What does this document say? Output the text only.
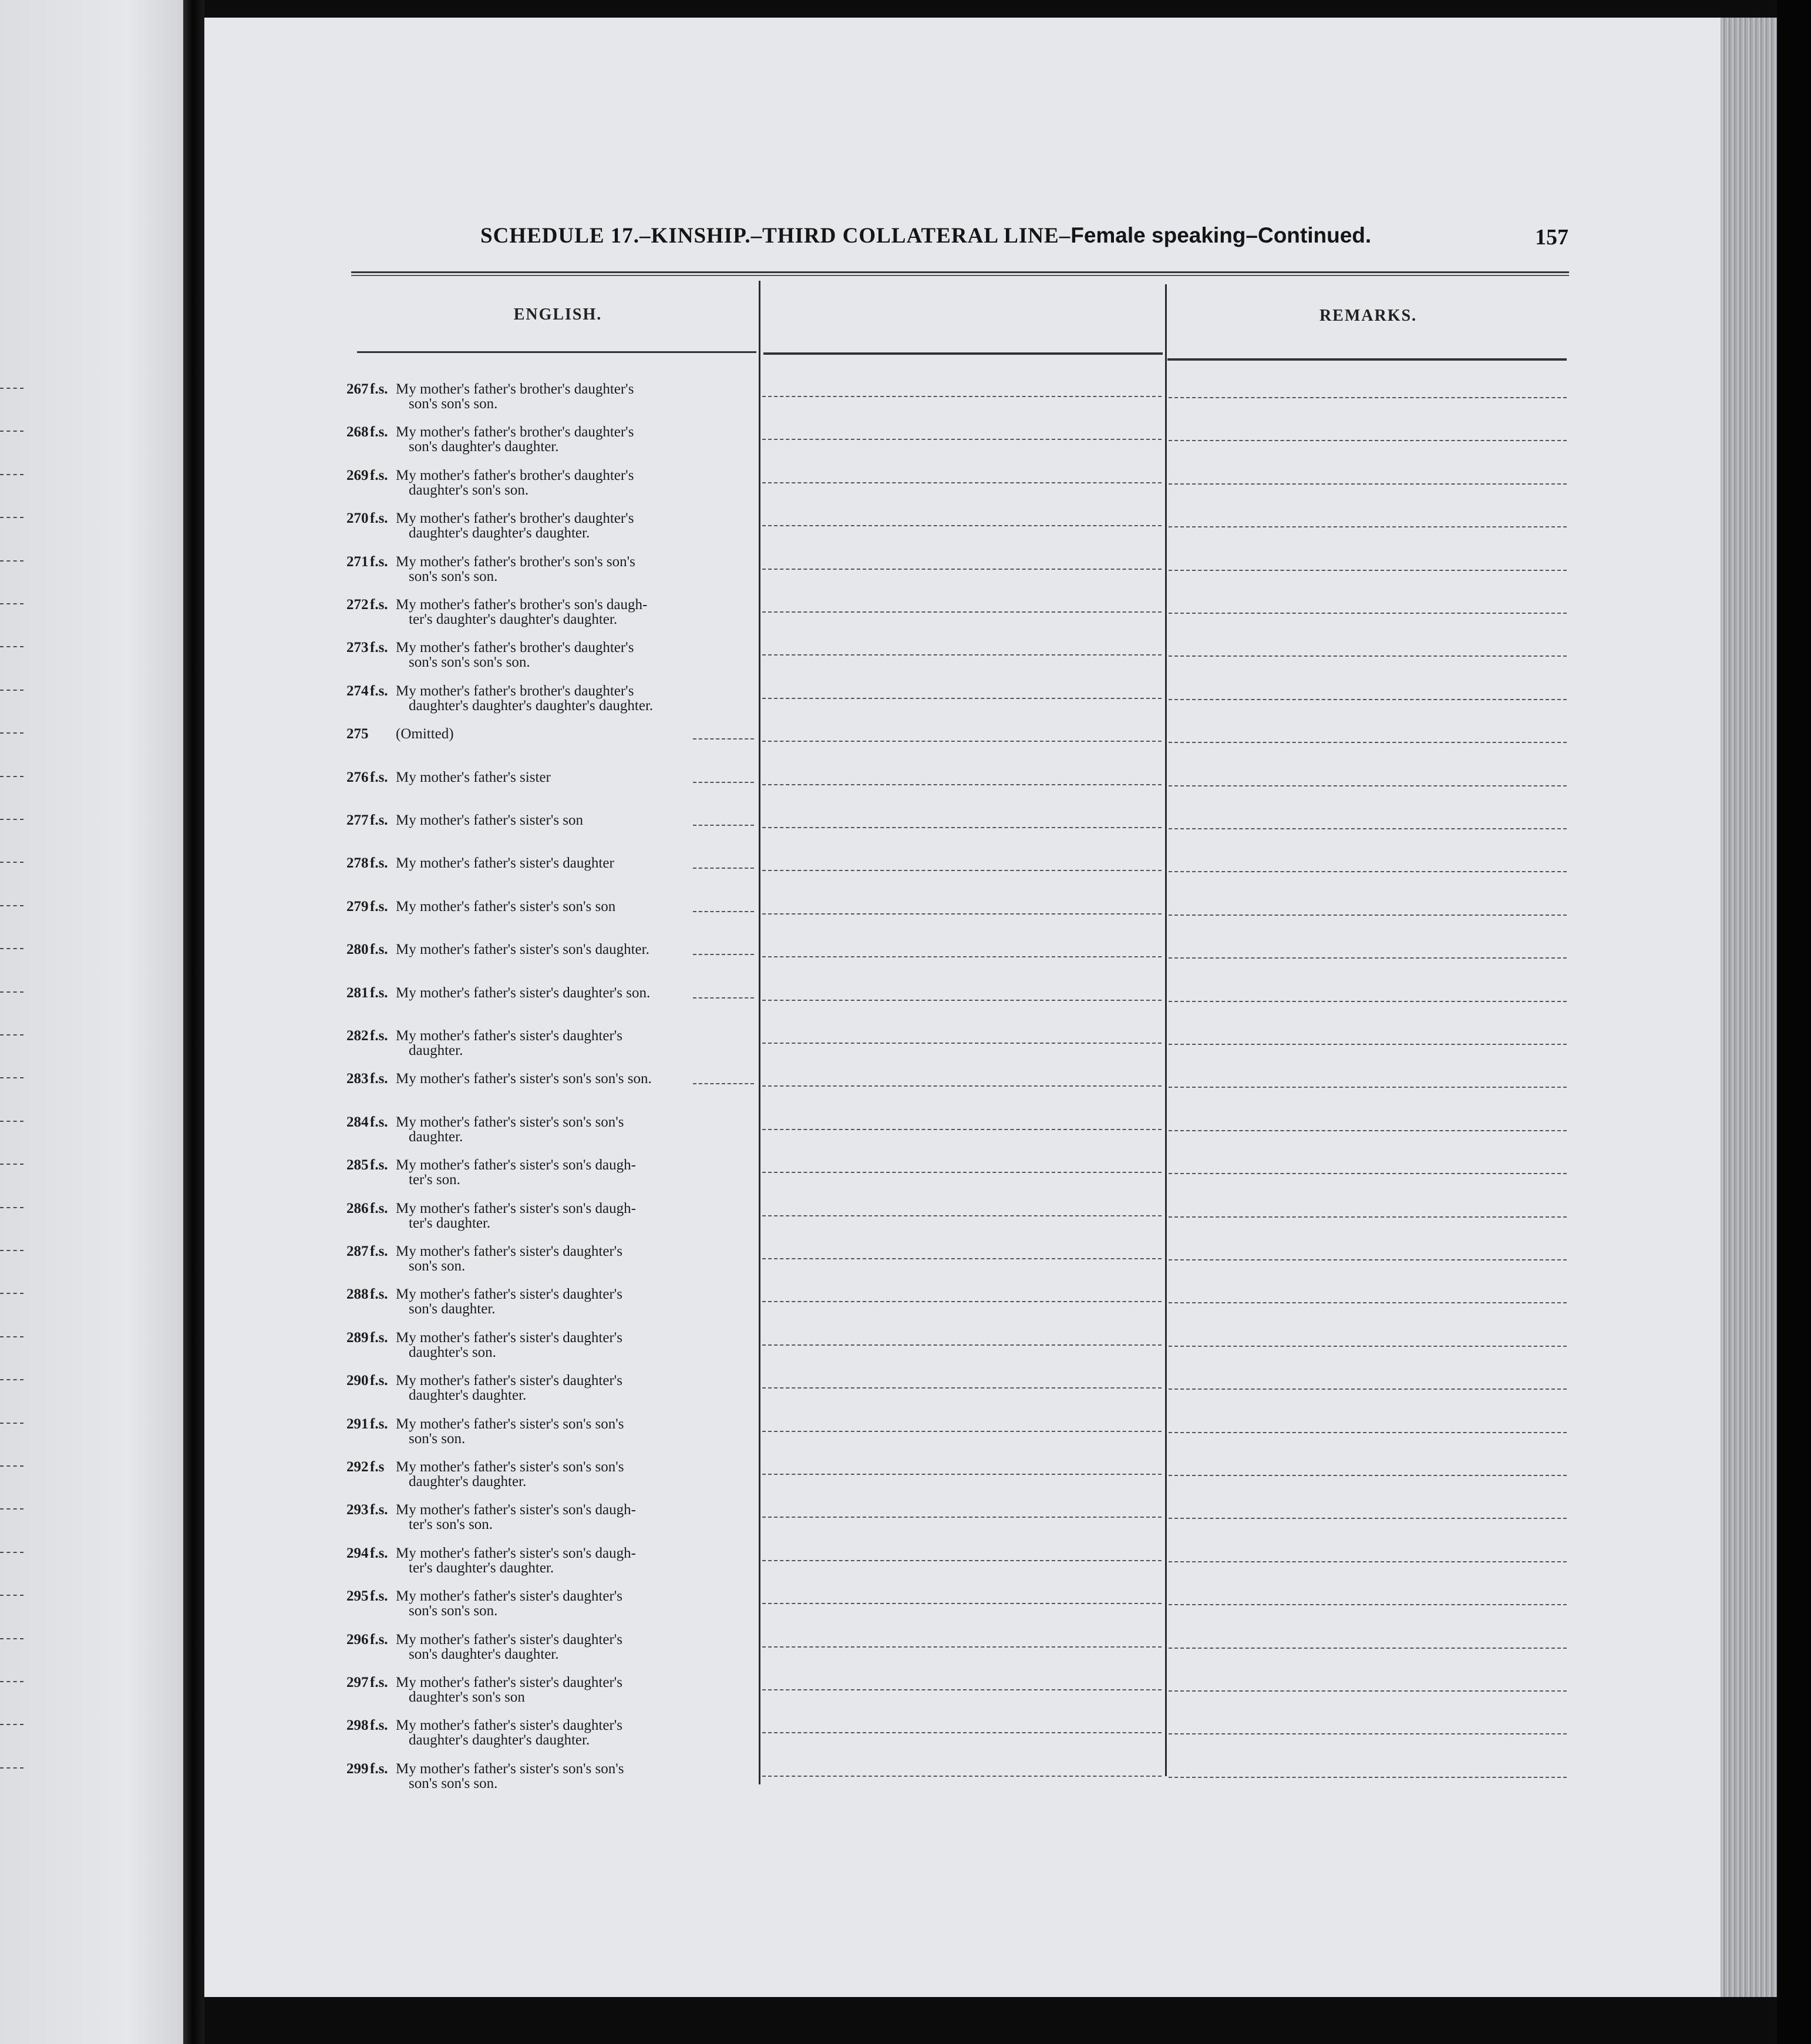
SCHEDULE 17.–KINSHIP.–THIRD COLLATERAL LINE–Female speaking–Continued.	157
ENGLISH.	REMARKS.
267 f.s. My mother's father's brother's daughter's
son's son's son.
268 f.s. My mother's father's brother's daughter's
son's daughter's daughter.
269 f.s. My mother's father's brother's daughter's
daughter's son's son.
270 f.s. My mother's father's brother's daughter's
daughter's daughter's daughter.
271 f.s. My mother's father's brother's son's son's
son's son's son.
272 f.s. My mother's father's brother's son's daugh-
ter's daughter's daughter's daughter.
273 f.s. My mother's father's brother's daughter's
son's son's son's son.
274 f.s. My mother's father's brother's daughter's
daughter's daughter's daughter's daughter.
275 (Omitted)
276 f.s. My mother's father's sister
277 f.s. My mother's father's sister's son
278 f.s. My mother's father's sister's daughter
279 f.s. My mother's father's sister's son's son
280 f.s. My mother's father's sister's son's daughter.
281 f.s. My mother's father's sister's daughter's son.
282 f.s. My mother's father's sister's daughter's
daughter.
283 f.s. My mother's father's sister's son's son's son.
284 f.s. My mother's father's sister's son's son's
daughter.
285 f.s. My mother's father's sister's son's daugh-
ter's son.
286 f.s. My mother's father's sister's son's daugh-
ter's daughter.
287 f.s. My mother's father's sister's daughter's
son's son.
288 f.s. My mother's father's sister's daughter's
son's daughter.
289 f.s. My mother's father's sister's daughter's
daughter's son.
290 f.s. My mother's father's sister's daughter's
daughter's daughter.
291 f.s. My mother's father's sister's son's son's
son's son.
292 f.s My mother's father's sister's son's son's
daughter's daughter.
293 f.s. My mother's father's sister's son's daugh-
ter's son's son.
294 f.s. My mother's father's sister's son's daugh-
ter's daughter's daughter.
295 f.s. My mother's father's sister's daughter's
son's son's son.
296 f.s. My mother's father's sister's daughter's
son's daughter's daughter.
297 f.s. My mother's father's sister's daughter's
daughter's son's son
298 f.s. My mother's father's sister's daughter's
daughter's daughter's daughter.
299 f.s. My mother's father's sister's son's son's
son's son's son.
